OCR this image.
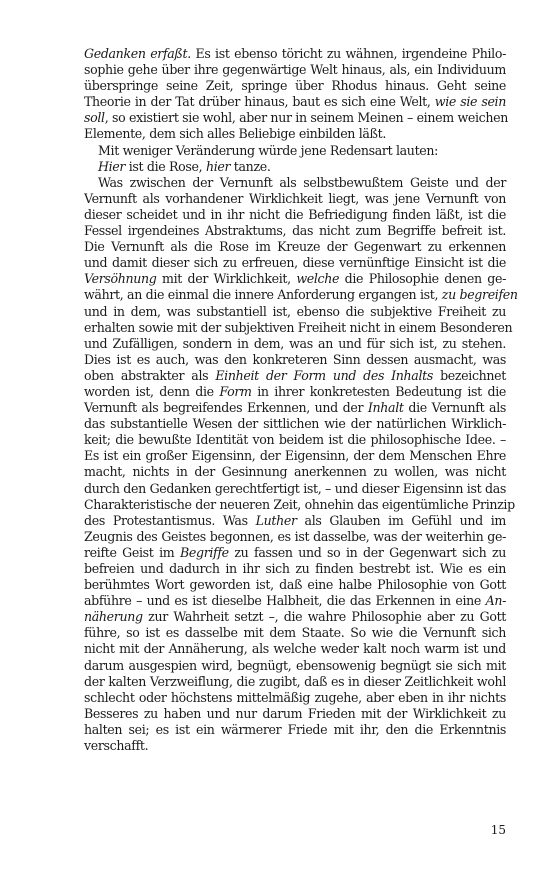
Gedanken erfaßt. Es ist ebenso töricht zu wähnen, irgendeine Philo-
sophie gehe über ihre gegenwärtige Welt hinaus, als, ein Individuum
überspringe seine Zeit, springe über Rhodus hinaus. Geht seine
Theorie in der Tat drüber hinaus, baut es sich eine Welt, wie sie sein
soll, so existiert sie wohl, aber nur in seinem Meinen – einem weichen
Elemente, dem sich alles Beliebige einbilden läßt.
Mit weniger Veränderung würde jene Redensart lauten:
Hier ist die Rose, hier tanze.
Was zwischen der Vernunft als selbstbewußtem Geiste und der
Vernunft als vorhandener Wirklichkeit liegt, was jene Vernunft von
dieser scheidet und in ihr nicht die Befriedigung finden läßt, ist die
Fessel irgendeines Abstraktums, das nicht zum Begriffe befreit ist.
Die Vernunft als die Rose im Kreuze der Gegenwart zu erkennen
und damit dieser sich zu erfreuen, diese vernünftige Einsicht ist die
Versöhnung mit der Wirklichkeit, welche die Philosophie denen ge-
währt, an die einmal die innere Anforderung ergangen ist, zu begreifen
und in dem, was substantiell ist, ebenso die subjektive Freiheit zu
erhalten sowie mit der subjektiven Freiheit nicht in einem Besonderen
und Zufälligen, sondern in dem, was an und für sich ist, zu stehen.
Dies ist es auch, was den konkreteren Sinn dessen ausmacht, was
oben abstrakter als Einheit der Form und des Inhalts bezeichnet
worden ist, denn die Form in ihrer konkretesten Bedeutung ist die
Vernunft als begreifendes Erkennen, und der Inhalt die Vernunft als
das substantielle Wesen der sittlichen wie der natürlichen Wirklich-
keit; die bewußte Identität von beidem ist die philosophische Idee. –
Es ist ein großer Eigensinn, der Eigensinn, der dem Menschen Ehre
macht, nichts in der Gesinnung anerkennen zu wollen, was nicht
durch den Gedanken gerechtfertigt ist, – und dieser Eigensinn ist das
Charakteristische der neueren Zeit, ohnehin das eigentümliche Prinzip
des Protestantismus. Was Luther als Glauben im Gefühl und im
Zeugnis des Geistes begonnen, es ist dasselbe, was der weiterhin ge-
reifte Geist im Begriffe zu fassen und so in der Gegenwart sich zu
befreien und dadurch in ihr sich zu finden bestrebt ist. Wie es ein
berühmtes Wort geworden ist, daß eine halbe Philosophie von Gott
abführe – und es ist dieselbe Halbheit, die das Erkennen in eine An-
näherung zur Wahrheit setzt –, die wahre Philosophie aber zu Gott
führe, so ist es dasselbe mit dem Staate. So wie die Vernunft sich
nicht mit der Annäherung, als welche weder kalt noch warm ist und
darum ausgespien wird, begnügt, ebensowenig begnügt sie sich mit
der kalten Verzweiflung, die zugibt, daß es in dieser Zeitlichkeit wohl
schlecht oder höchstens mittelmäßig zugehe, aber eben in ihr nichts
Besseres zu haben und nur darum Frieden mit der Wirklichkeit zu
halten sei; es ist ein wärmerer Friede mit ihr, den die Erkenntnis
verschafft.
15
